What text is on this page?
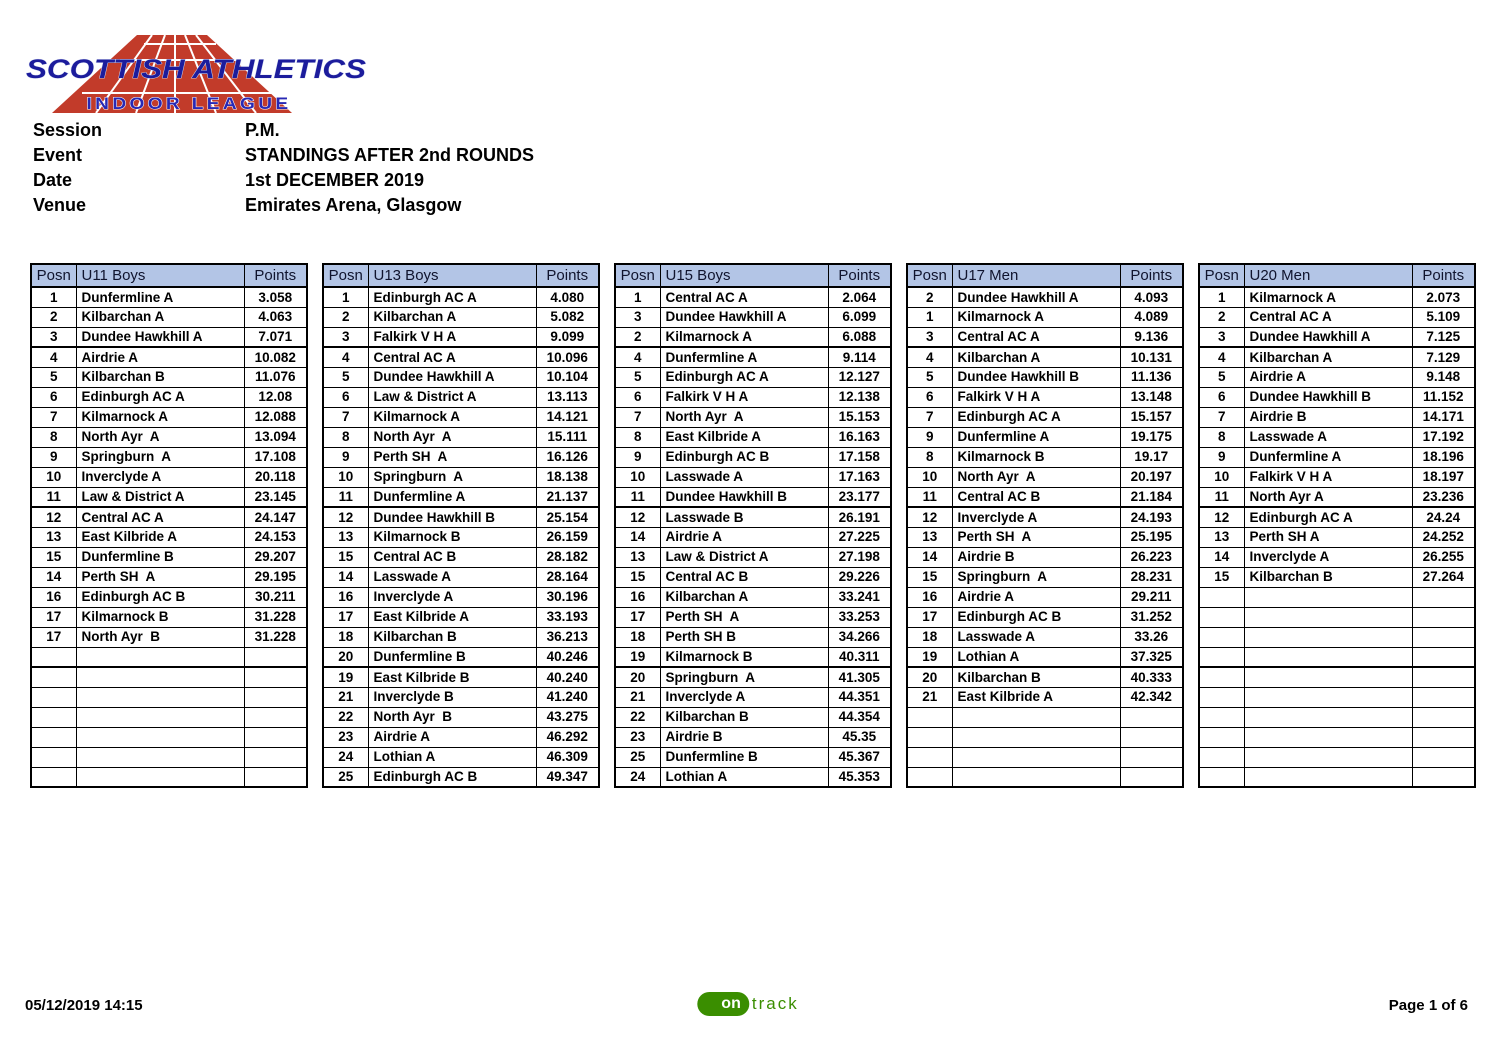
SCOTTISH ATHLETICS
INDOOR LEAGUE
Session	P.M.
Event	STANDINGS AFTER 2nd ROUNDS
Date	1st DECEMBER 2019
Venue	Emirates Arena, Glasgow
Posn	U11 Boys	Points
1	Dunfermline A	3.058
2	Kilbarchan A	4.063
3	Dundee Hawkhill A	7.071
4	Airdrie A	10.082
5	Kilbarchan B	11.076
6	Edinburgh AC A	12.08
7	Kilmarnock A	12.088
8	North Ayr  A	13.094
9	Springburn  A	17.108
10	Inverclyde A	20.118
11	Law & District A	23.145
12	Central AC A	24.147
13	East Kilbride A	24.153
15	Dunfermline B	29.207
14	Perth SH  A	29.195
16	Edinburgh AC B	30.211
17	Kilmarnock B	31.228
17	North Ayr  B	31.228

Posn	U13 Boys	Points
1	Edinburgh AC A	4.080
2	Kilbarchan A	5.082
3	Falkirk V H A	9.099
4	Central AC A	10.096
5	Dundee Hawkhill A	10.104
6	Law & District A	13.113
7	Kilmarnock A	14.121
8	North Ayr  A	15.111
9	Perth SH  A	16.126
10	Springburn  A	18.138
11	Dunfermline A	21.137
12	Dundee Hawkhill B	25.154
13	Kilmarnock B	26.159
15	Central AC B	28.182
14	Lasswade A	28.164
16	Inverclyde A	30.196
17	East Kilbride A	33.193
18	Kilbarchan B	36.213
20	Dunfermline B	40.246
19	East Kilbride B	40.240
21	Inverclyde B	41.240
22	North Ayr  B	43.275
23	Airdrie A	46.292
24	Lothian A	46.309
25	Edinburgh AC B	49.347
Posn	U15 Boys	Points
1	Central AC A	2.064
3	Dundee Hawkhill A	6.099
2	Kilmarnock A	6.088
4	Dunfermline A	9.114
5	Edinburgh AC A	12.127
6	Falkirk V H A	12.138
7	North Ayr  A	15.153
8	East Kilbride A	16.163
9	Edinburgh AC B	17.158
10	Lasswade A	17.163
11	Dundee Hawkhill B	23.177
12	Lasswade B	26.191
14	Airdrie A	27.225
13	Law & District A	27.198
15	Central AC B	29.226
16	Kilbarchan A	33.241
17	Perth SH  A	33.253
18	Perth SH B	34.266
19	Kilmarnock B	40.311
20	Springburn  A	41.305
21	Inverclyde A	44.351
22	Kilbarchan B	44.354
23	Airdrie B	45.35
25	Dunfermline B	45.367
24	Lothian A	45.353
Posn	U17 Men	Points
2	Dundee Hawkhill A	4.093
1	Kilmarnock A	4.089
3	Central AC A	9.136
4	Kilbarchan A	10.131
5	Dundee Hawkhill B	11.136
6	Falkirk V H A	13.148
7	Edinburgh AC A	15.157
9	Dunfermline A	19.175
8	Kilmarnock B	19.17
10	North Ayr  A	20.197
11	Central AC B	21.184
12	Inverclyde A	24.193
13	Perth SH  A	25.195
14	Airdrie B	26.223
15	Springburn  A	28.231
16	Airdrie A	29.211
17	Edinburgh AC B	31.252
18	Lasswade A	33.26
19	Lothian A	37.325
20	Kilbarchan B	40.333
21	East Kilbride A	42.342

Posn	U20 Men	Points
1	Kilmarnock A	2.073
2	Central AC A	5.109
3	Dundee Hawkhill A	7.125
4	Kilbarchan A	7.129
5	Airdrie A	9.148
6	Dundee Hawkhill B	11.152
7	Airdrie B	14.171
8	Lasswade A	17.192
9	Dunfermline A	18.196
10	Falkirk V H A	18.197
11	North Ayr A	23.236
12	Edinburgh AC A	24.24
13	Perth SH A	24.252
14	Inverclyde A	26.255
15	Kilbarchan B	27.264

05/12/2019 14:15	on track	Page 1 of 6
